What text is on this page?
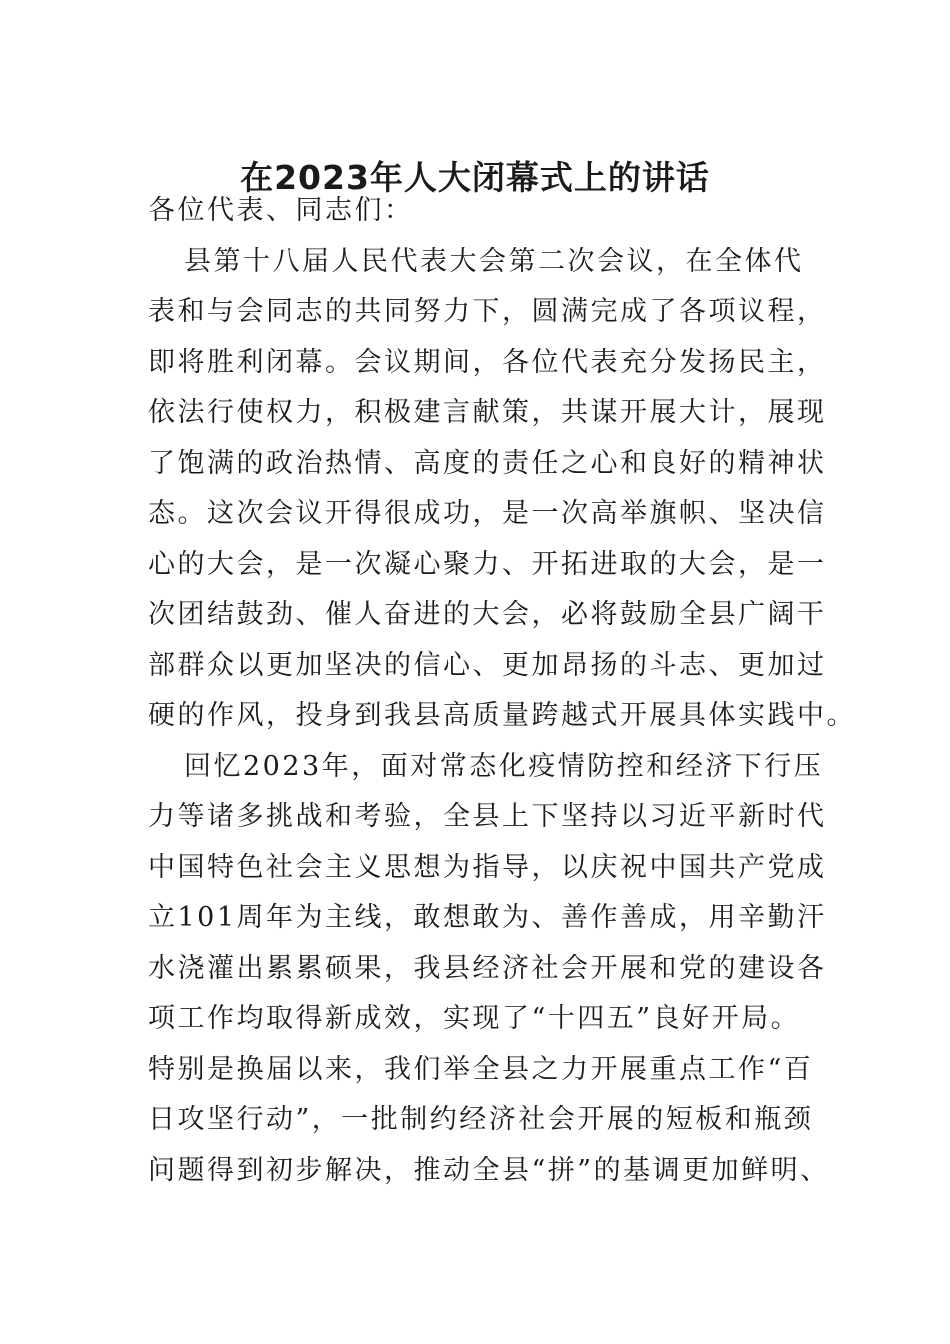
在2023年人大闭幕式上的讲话
各位代表、同志们：
县第十八届人民代表大会第二次会议，在全体代
表和与会同志的共同努力下，圆满完成了各项议程，
即将胜利闭幕。会议期间，各位代表充分发扬民主，
依法行使权力，积极建言献策，共谋开展大计，展现
了饱满的政治热情、高度的责任之心和良好的精神状
态。这次会议开得很成功，是一次高举旗帜、坚决信
心的大会，是一次凝心聚力、开拓进取的大会，是一
次团结鼓劲、催人奋进的大会，必将鼓励全县广阔干
部群众以更加坚决的信心、更加昂扬的斗志、更加过
硬的作风，投身到我县高质量跨越式开展具体实践中。
回忆2023年，面对常态化疫情防控和经济下行压
力等诸多挑战和考验，全县上下坚持以习近平新时代
中国特色社会主义思想为指导，以庆祝中国共产党成
立101周年为主线，敢想敢为、善作善成，用辛勤汗
水浇灌出累累硕果，我县经济社会开展和党的建设各
项工作均取得新成效，实现了“十四五”良好开局。
特别是换届以来，我们举全县之力开展重点工作“百
日攻坚行动”，一批制约经济社会开展的短板和瓶颈
问题得到初步解决，推动全县“拼”的基调更加鲜明、
